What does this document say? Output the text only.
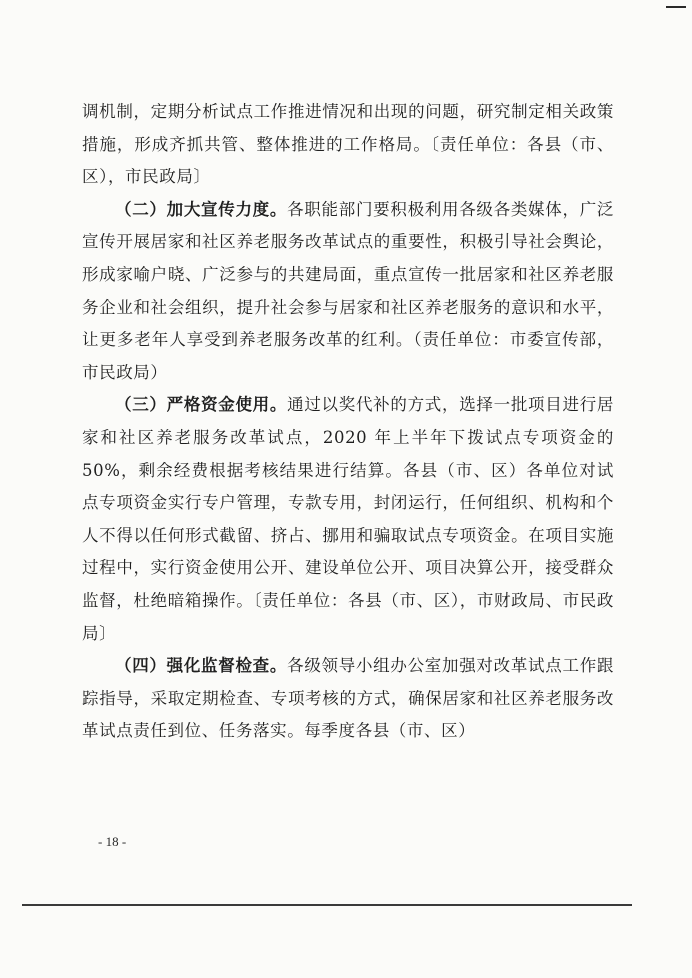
调机制，定期分析试点工作推进情况和出现的问题，研究制定相关政策措施，形成齐抓共管、整体推进的工作格局。〔责任单位：各县（市、区），市民政局〕

（二）加大宣传力度。各职能部门要积极利用各级各类媒体，广泛宣传开展居家和社区养老服务改革试点的重要性，积极引导社会舆论，形成家喻户晓、广泛参与的共建局面，重点宣传一批居家和社区养老服务企业和社会组织，提升社会参与居家和社区养老服务的意识和水平，让更多老年人享受到养老服务改革的红利。（责任单位：市委宣传部，市民政局）

（三）严格资金使用。通过以奖代补的方式，选择一批项目进行居家和社区养老服务改革试点，2020 年上半年下拨试点专项资金的 50%，剩余经费根据考核结果进行结算。各县（市、区）各单位对试点专项资金实行专户管理，专款专用，封闭运行，任何组织、机构和个人不得以任何形式截留、挤占、挪用和骗取试点专项资金。在项目实施过程中，实行资金使用公开、建设单位公开、项目决算公开，接受群众监督，杜绝暗箱操作。〔责任单位：各县（市、区），市财政局、市民政局〕

（四）强化监督检查。各级领导小组办公室加强对改革试点工作跟踪指导，采取定期检查、专项考核的方式，确保居家和社区养老服务改革试点责任到位、任务落实。每季度各县（市、区）

- 18 -
